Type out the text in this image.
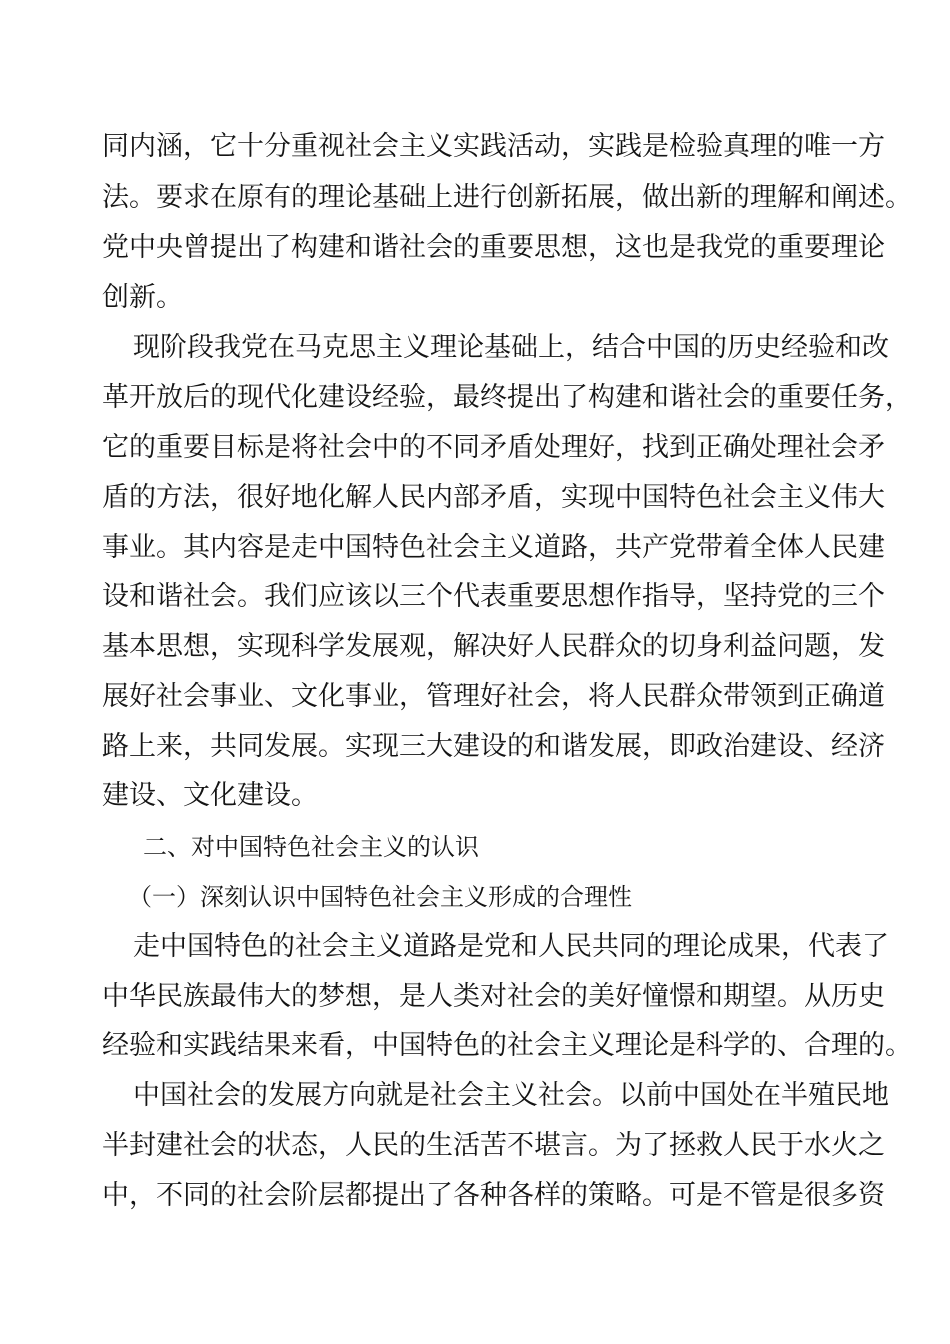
同内涵，它十分重视社会主义实践活动，实践是检验真理的唯一方

法。要求在原有的理论基础上进行创新拓展，做出新的理解和阐述。

党中央曾提出了构建和谐社会的重要思想，这也是我党的重要理论

创新。

现阶段我党在马克思主义理论基础上，结合中国的历史经验和改

革开放后的现代化建设经验，最终提出了构建和谐社会的重要任务，

它的重要目标是将社会中的不同矛盾处理好，找到正确处理社会矛

盾的方法，很好地化解人民内部矛盾，实现中国特色社会主义伟大

事业。其内容是走中国特色社会主义道路，共产党带着全体人民建

设和谐社会。我们应该以三个代表重要思想作指导，坚持党的三个

基本思想，实现科学发展观，解决好人民群众的切身利益问题，发

展好社会事业、文化事业，管理好社会，将人民群众带领到正确道

路上来，共同发展。实现三大建设的和谐发展，即政治建设、经济

建设、文化建设。

二、对中国特色社会主义的认识

（一）深刻认识中国特色社会主义形成的合理性

走中国特色的社会主义道路是党和人民共同的理论成果，代表了

中华民族最伟大的梦想，是人类对社会的美好憧憬和期望。从历史

经验和实践结果来看，中国特色的社会主义理论是科学的、合理的。

中国社会的发展方向就是社会主义社会。以前中国处在半殖民地

半封建社会的状态，人民的生活苦不堪言。为了拯救人民于水火之

中，不同的社会阶层都提出了各种各样的策略。可是不管是很多资
